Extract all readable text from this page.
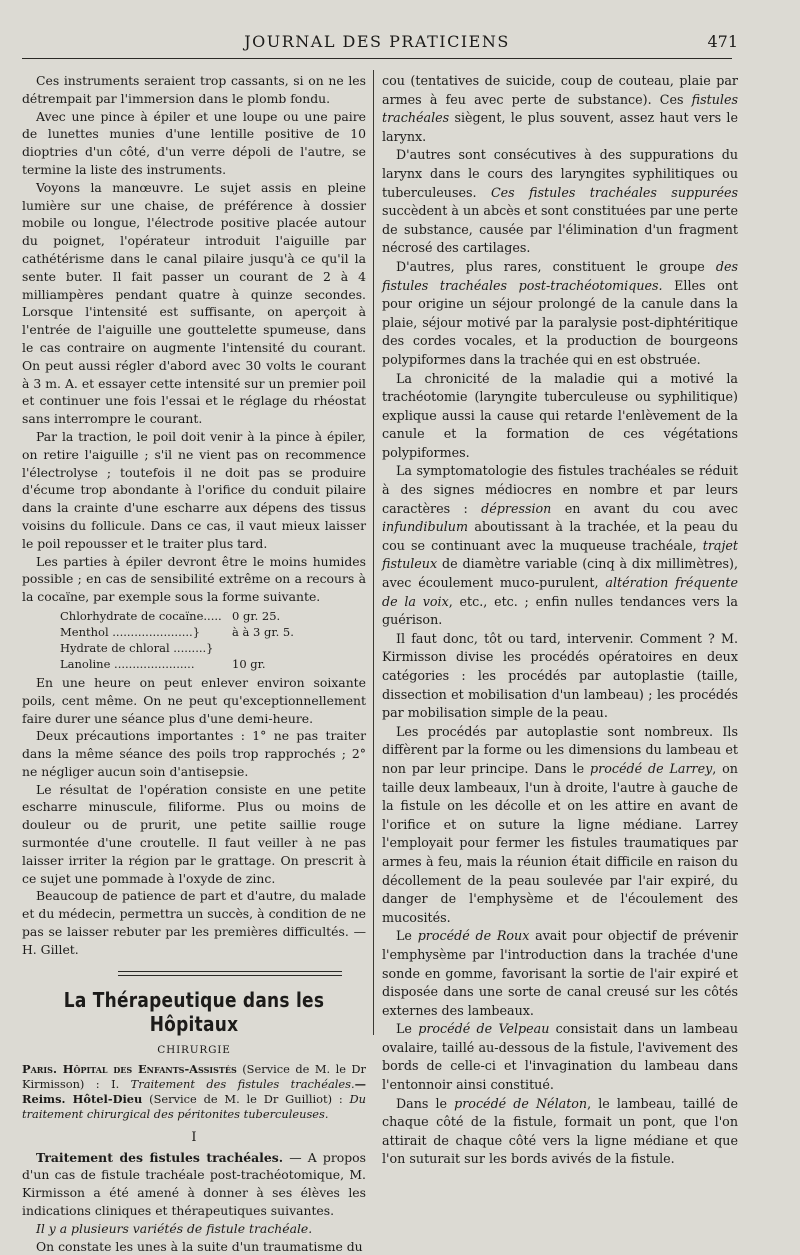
JOURNAL DES PRATICIENS	471

Ces instruments seraient trop cassants, si on ne les détrempait par l'immersion dans le plomb fondu.

Avec une pince à épiler et une loupe ou une paire de lunettes munies d'une lentille positive de 10 dioptries d'un côté, d'un verre dépoli de l'autre, se termine la liste des instruments.

Voyons la manœuvre. Le sujet assis en pleine lumière sur une chaise, de préférence à dossier mobile ou longue, l'électrode positive placée autour du poignet, l'opérateur introduit l'aiguille par cathétérisme dans le canal pilaire jusqu'à ce qu'il la sente buter. Il fait passer un courant de 2 à 4 milliampères pendant quatre à quinze secondes. Lorsque l'intensité est suffisante, on aperçoit à l'entrée de l'aiguille une gouttelette spumeuse, dans le cas contraire on augmente l'intensité du courant. On peut aussi régler d'abord avec 30 volts le courant à 3 m. A. et essayer cette intensité sur un premier poil et continuer une fois l'essai et le réglage du rhéostat sans interrompre le courant.

Par la traction, le poil doit venir à la pince à épiler, on retire l'aiguille ; s'il ne vient pas on recommence l'électrolyse ; toutefois il ne doit pas se produire d'écume trop abondante à l'orifice du conduit pilaire dans la crainte d'une escharre aux dépens des tissus voisins du follicule. Dans ce cas, il vaut mieux laisser le poil repousser et le traiter plus tard.

Les parties à épiler devront être le moins humides possible ; en cas de sensibilité extrême on a recours à la cocaïne, par exemple sous la forme suivante.

Chlorhydrate de cocaïne..... 0 gr. 25.
Menthol ......................}	à à 3 gr. 5.
Hydrate de chloral .........}
Lanoline ......................	10 gr.

En une heure on peut enlever environ soixante poils, cent même. On ne peut qu'exceptionnellement faire durer une séance plus d'une demi-heure.

Deux précautions importantes : 1° ne pas traiter dans la même séance des poils trop rapprochés ; 2° ne négliger aucun soin d'antisepsie.

Le résultat de l'opération consiste en une petite escharre minuscule, filiforme. Plus ou moins de douleur ou de prurit, une petite saillie rouge surmontée d'une croutelle. Il faut veiller à ne pas laisser irriter la région par le grattage. On prescrit à ce sujet une pommade à l'oxyde de zinc.

Beaucoup de patience de part et d'autre, du malade et du médecin, permettra un succès, à condition de ne pas se laisser rebuter par les premières difficultés. — H. Gillet.

La Thérapeutique dans les Hôpitaux
CHIRURGIE

Paris. Hôpital des Enfants-Assistés (Service de M. le Dr Kirmisson) : I. Traitement des fistules trachéales.— Reims. Hôtel-Dieu (Service de M. le Dr Guilliot) : Du traitement chirurgical des péritonites tuberculeuses.

I

Traitement des fistules trachéales. — A propos d'un cas de fistule trachéale post-trachéotomique, M. Kirmisson a été amené à donner à ses élèves les indications cliniques et thérapeutiques suivantes.

Il y a plusieurs variétés de fistule trachéale.

On constate les unes à la suite d'un traumatisme du

cou (tentatives de suicide, coup de couteau, plaie par armes à feu avec perte de substance). Ces fistules trachéales siègent, le plus souvent, assez haut vers le larynx.

D'autres sont consécutives à des suppurations du larynx dans le cours des laryngites syphilitiques ou tuberculeuses. Ces fistules trachéales suppurées succèdent à un abcès et sont constituées par une perte de substance, causée par l'élimination d'un fragment nécrosé des cartilages.

D'autres, plus rares, constituent le groupe des fistules trachéales post-trachéotomiques. Elles ont pour origine un séjour prolongé de la canule dans la plaie, séjour motivé par la paralysie post-diphtéritique des cordes vocales, et la production de bourgeons polypiformes dans la trachée qui en est obstruée.

La chronicité de la maladie qui a motivé la trachéotomie (laryngite tuberculeuse ou syphilitique) explique aussi la cause qui retarde l'enlèvement de la canule et la formation de ces végétations polypiformes.

La symptomatologie des fistules trachéales se réduit à des signes médiocres en nombre et par leurs caractères : dépression en avant du cou avec infundibulum aboutissant à la trachée, et la peau du cou se continuant avec la muqueuse trachéale, trajet fistuleux de diamètre variable (cinq à dix millimètres), avec écoulement muco-purulent, altération fréquente de la voix, etc., etc. ; enfin nulles tendances vers la guérison.

Il faut donc, tôt ou tard, intervenir. Comment ? M. Kirmisson divise les procédés opératoires en deux catégories : les procédés par autoplastie (taille, dissection et mobilisation d'un lambeau) ; les procédés par mobilisation simple de la peau.

Les procédés par autoplastie sont nombreux. Ils diffèrent par la forme ou les dimensions du lambeau et non par leur principe. Dans le procédé de Larrey, on taille deux lambeaux, l'un à droite, l'autre à gauche de la fistule on les décolle et on les attire en avant de l'orifice et on suture la ligne médiane. Larrey l'employait pour fermer les fistules traumatiques par armes à feu, mais la réunion était difficile en raison du décollement de la peau soulevée par l'air expiré, du danger de l'emphysème et de l'écoulement des mucosités.

Le procédé de Roux avait pour objectif de prévenir l'emphysème par l'introduction dans la trachée d'une sonde en gomme, favorisant la sortie de l'air expiré et disposée dans une sorte de canal creusé sur les côtés externes des lambeaux.

Le procédé de Velpeau consistait dans un lambeau ovalaire, taillé au-dessous de la fistule, l'avivement des bords de celle-ci et l'invagination du lambeau dans l'entonnoir ainsi constitué.

Dans le procédé de Nélaton, le lambeau, taillé de chaque côté de la fistule, formait un pont, que l'on attirait de chaque côté vers la ligne médiane et que l'on suturait sur les bords avivés de la fistule.
